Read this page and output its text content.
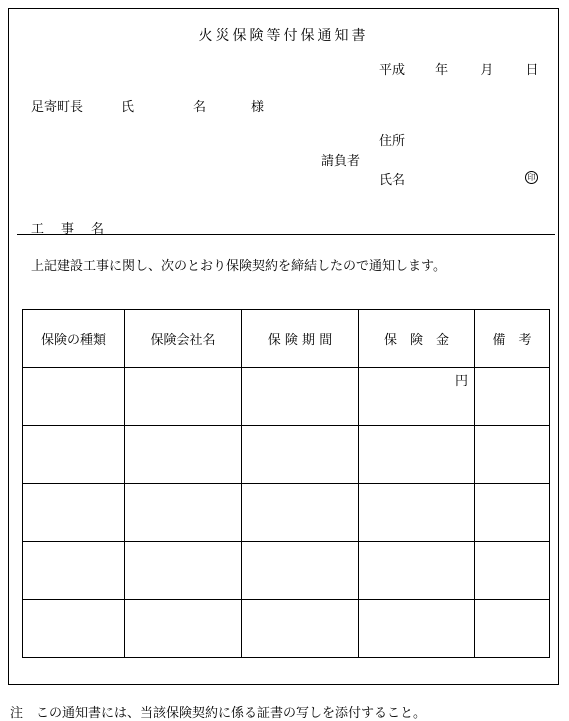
火災保険等付保通知書
平成 年 月 日
足寄町長	氏	名	様
住所
請負者
氏名	印
工　事　名
上記建設工事に関し、次のとおり保険契約を締結したので通知します。
保険の種類	保険会社名	保 険 期 間	保　険　金	備　考

			円	

注　この通知書には、当該保険契約に係る証書の写しを添付すること。
